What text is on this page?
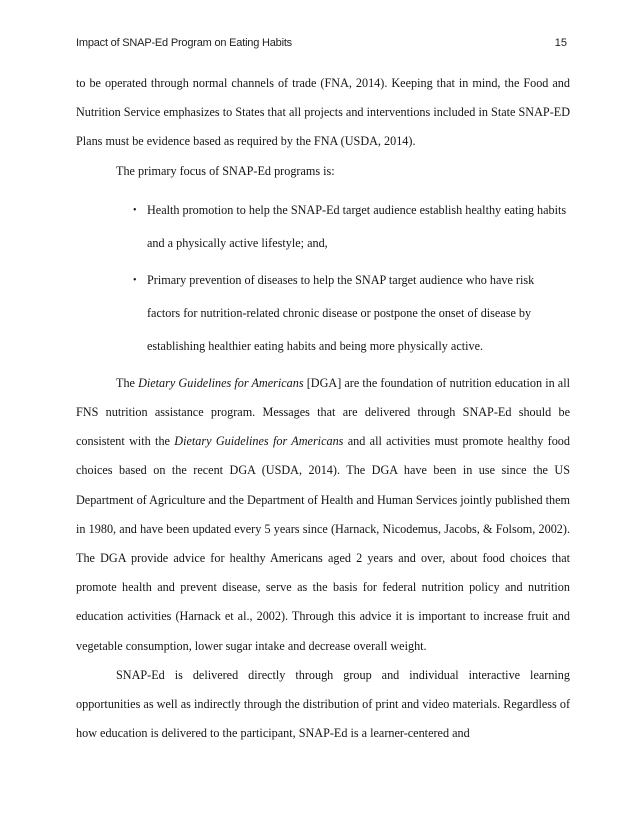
Impact of SNAP-Ed Program on Eating Habits	15

to be operated through normal channels of trade (FNA, 2014). Keeping that in mind, the Food and Nutrition Service emphasizes to States that all projects and interventions included in State SNAP-ED Plans must be evidence based as required by the FNA (USDA, 2014).

The primary focus of SNAP-Ed programs is:

• Health promotion to help the SNAP-Ed target audience establish healthy eating habits and a physically active lifestyle; and,
• Primary prevention of diseases to help the SNAP target audience who have risk factors for nutrition-related chronic disease or postpone the onset of disease by establishing healthier eating habits and being more physically active.

The Dietary Guidelines for Americans [DGA] are the foundation of nutrition education in all FNS nutrition assistance program. Messages that are delivered through SNAP-Ed should be consistent with the Dietary Guidelines for Americans and all activities must promote healthy food choices based on the recent DGA (USDA, 2014). The DGA have been in use since the US Department of Agriculture and the Department of Health and Human Services jointly published them in 1980, and have been updated every 5 years since (Harnack, Nicodemus, Jacobs, & Folsom, 2002). The DGA provide advice for healthy Americans aged 2 years and over, about food choices that promote health and prevent disease, serve as the basis for federal nutrition policy and nutrition education activities (Harnack et al., 2002). Through this advice it is important to increase fruit and vegetable consumption, lower sugar intake and decrease overall weight.

SNAP-Ed is delivered directly through group and individual interactive learning opportunities as well as indirectly through the distribution of print and video materials. Regardless of how education is delivered to the participant, SNAP-Ed is a learner-centered and
